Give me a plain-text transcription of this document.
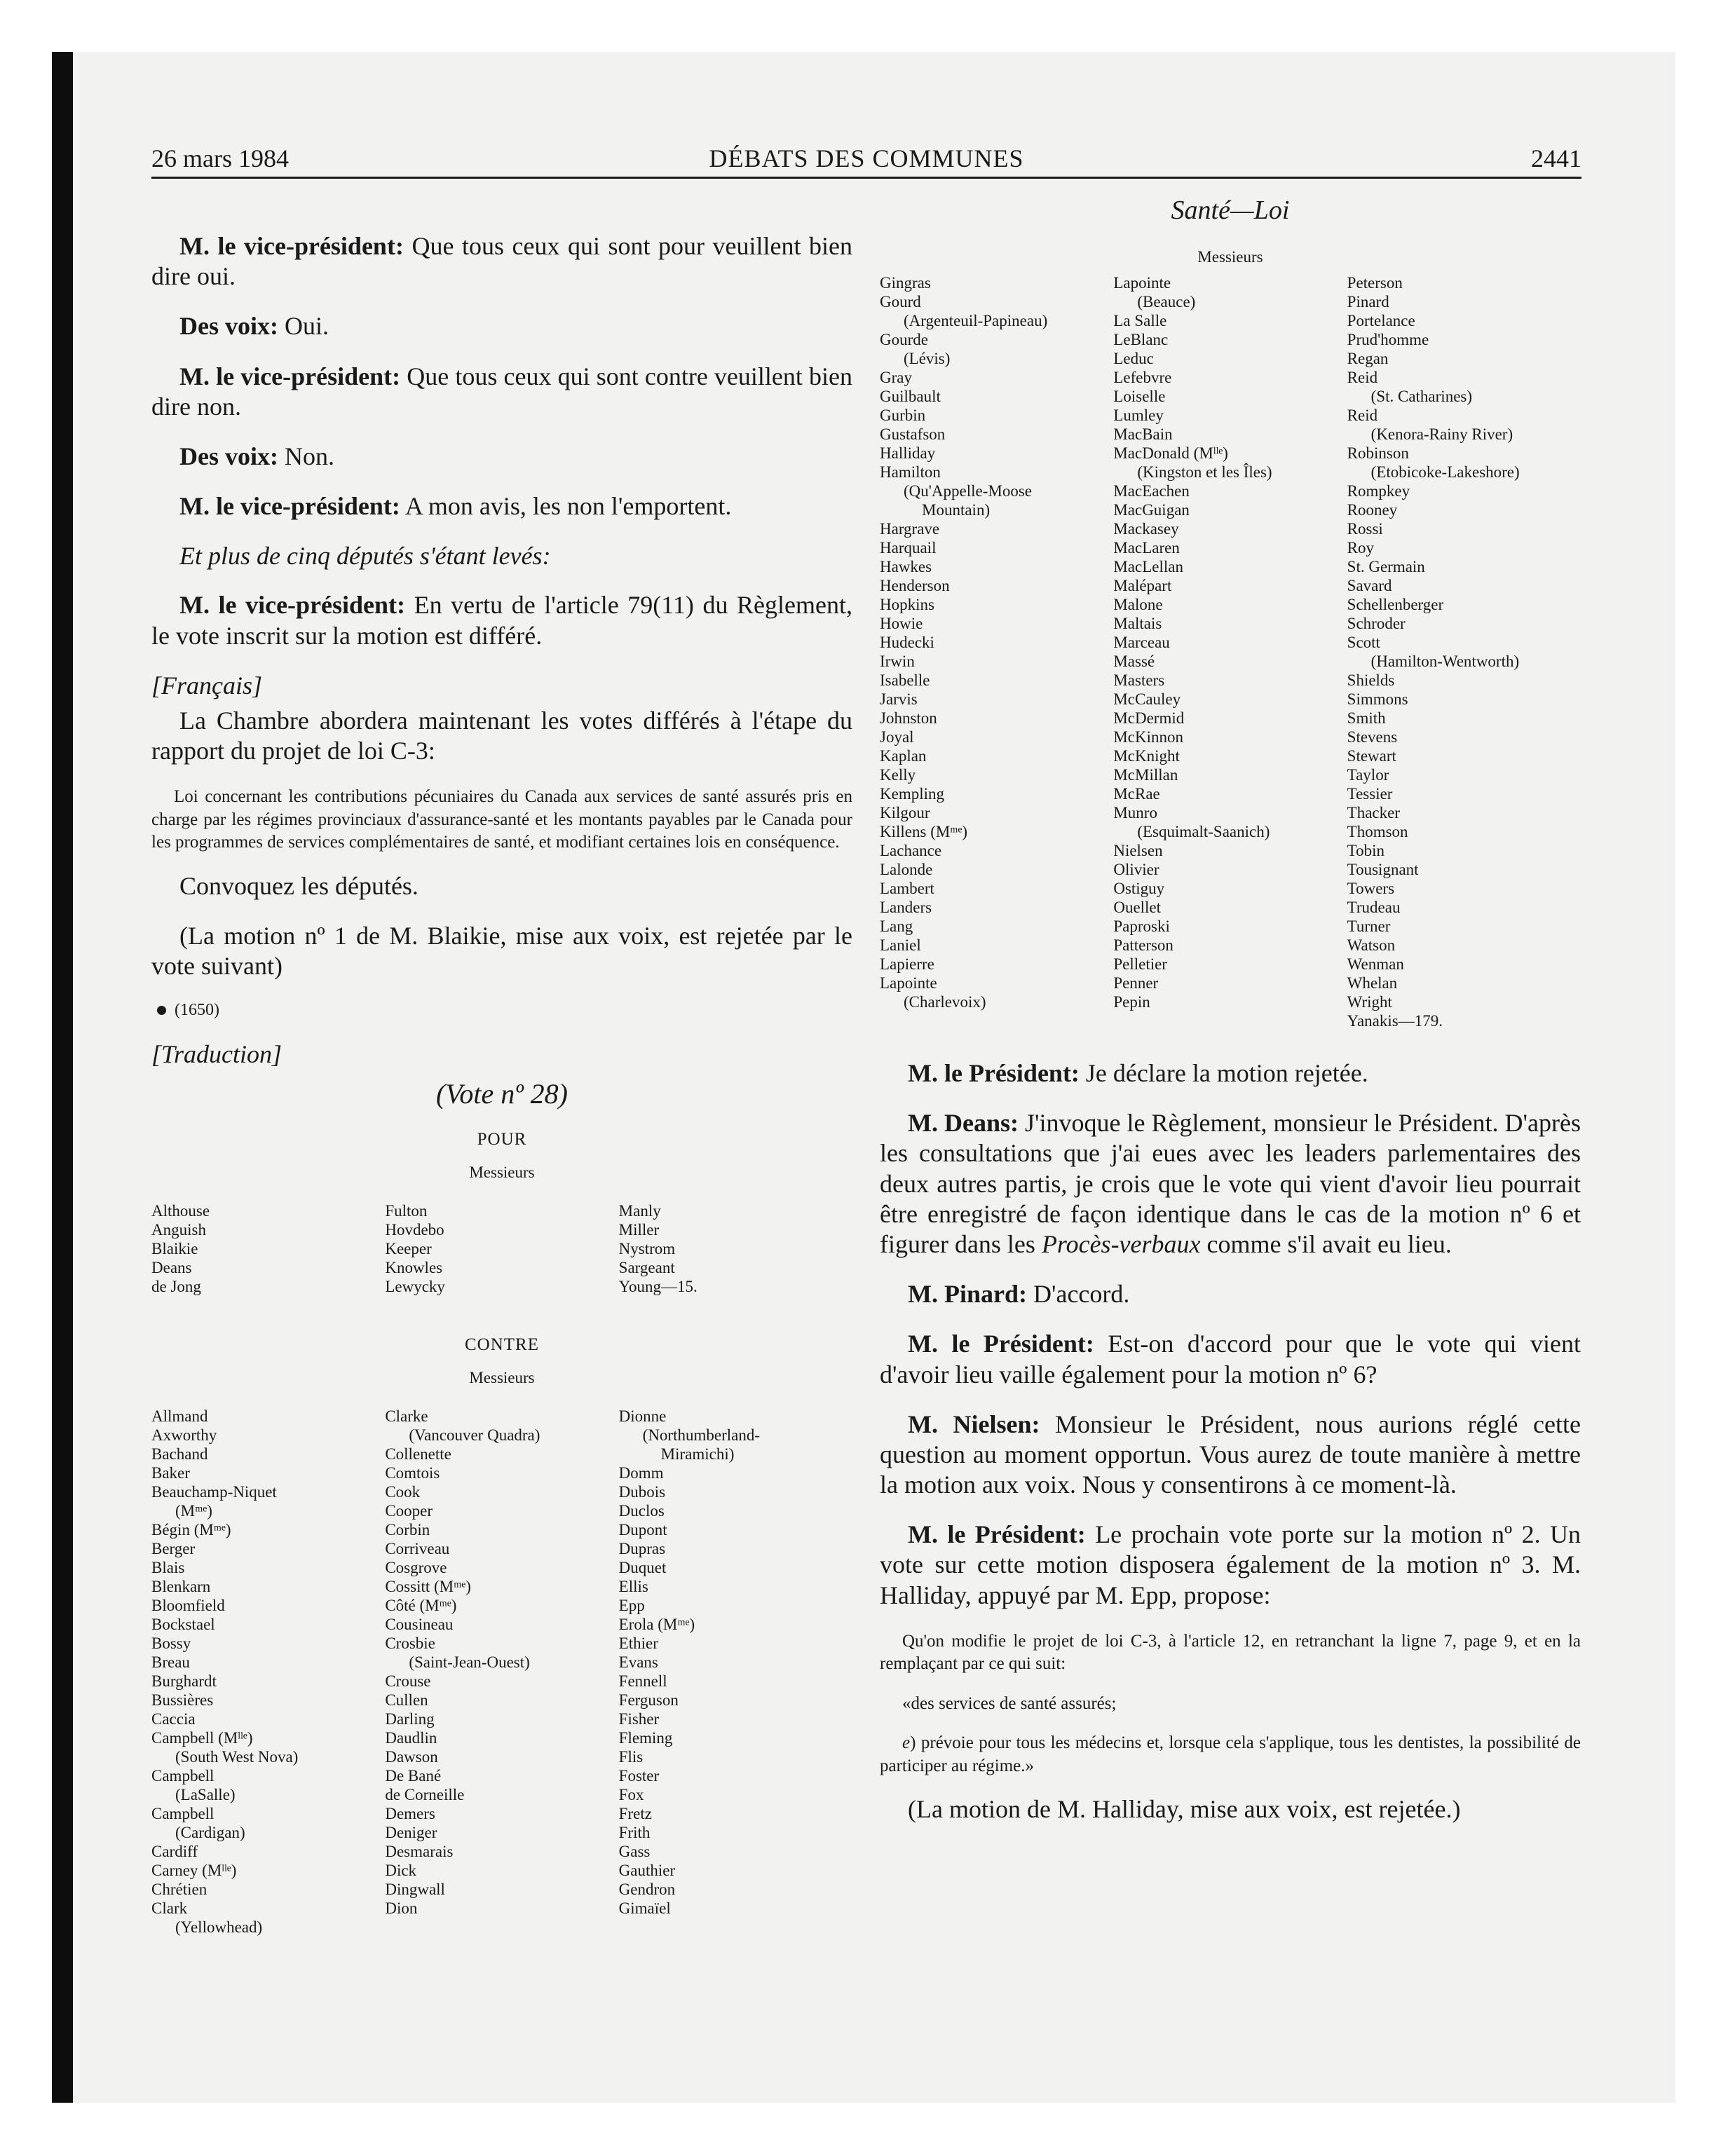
26 mars 1984	DÉBATS DES COMMUNES	2441

M. le vice-président: Que tous ceux qui sont pour veuillent bien dire oui.

Des voix: Oui.

M. le vice-président: Que tous ceux qui sont contre veuillent bien dire non.

Des voix: Non.

M. le vice-président: A mon avis, les non l'emportent.

Et plus de cinq députés s'étant levés:

M. le vice-président: En vertu de l'article 79(11) du Règlement, le vote inscrit sur la motion est différé.

[Français]

La Chambre abordera maintenant les votes différés à l'étape du rapport du projet de loi C-3:

Loi concernant les contributions pécuniaires du Canada aux services de santé assurés pris en charge par les régimes provinciaux d'assurance-santé et les montants payables par le Canada pour les programmes de services complémentaires de santé, et modifiant certaines lois en conséquence.

Convoquez les députés.

(La motion nº 1 de M. Blaikie, mise aux voix, est rejetée par le vote suivant)

(1650)

[Traduction]

(Vote nº 28)
POUR
Messieurs
Althouse
Anguish
Blaikie
Deans
de Jong
Fulton
Hovdebo
Keeper
Knowles
Lewycky
Manly
Miller
Nystrom
Sargeant
Young—15.
CONTRE
Messieurs
Allmand
Axworthy
Bachand
Baker
Beauchamp-Niquet
(Mᵐᵉ)
Bégin (Mᵐᵉ)
Berger
Blais
Blenkarn
Bloomfield
Bockstael
Bossy
Breau
Burghardt
Bussières
Caccia
Campbell (Mˡˡᵉ)
(South West Nova)
Campbell
(LaSalle)
Campbell
(Cardigan)
Cardiff
Carney (Mˡˡᵉ)
Chrétien
Clark
(Yellowhead)
Clarke
(Vancouver Quadra)
Collenette
Comtois
Cook
Cooper
Corbin
Corriveau
Cosgrove
Cossitt (Mᵐᵉ)
Côté (Mᵐᵉ)
Cousineau
Crosbie
(Saint-Jean-Ouest)
Crouse
Cullen
Darling
Daudlin
Dawson
De Bané
de Corneille
Demers
Deniger
Desmarais
Dick
Dingwall
Dion
Dionne
(Northumberland-
Miramichi)
Domm
Dubois
Duclos
Dupont
Dupras
Duquet
Ellis
Epp
Erola (Mᵐᵉ)
Ethier
Evans
Fennell
Ferguson
Fisher
Fleming
Flis
Foster
Fox
Fretz
Frith
Gass
Gauthier
Gendron
Gimaïel
Santé—Loi
Messieurs
Gingras
Gourd
(Argenteuil-Papineau)
Gourde
(Lévis)
Gray
Guilbault
Gurbin
Gustafson
Halliday
Hamilton
(Qu'Appelle-Moose
Mountain)
Hargrave
Harquail
Hawkes
Henderson
Hopkins
Howie
Hudecki
Irwin
Isabelle
Jarvis
Johnston
Joyal
Kaplan
Kelly
Kempling
Kilgour
Killens (Mᵐᵉ)
Lachance
Lalonde
Lambert
Landers
Lang
Laniel
Lapierre
Lapointe
(Charlevoix)
Lapointe
(Beauce)
La Salle
LeBlanc
Leduc
Lefebvre
Loiselle
Lumley
MacBain
MacDonald (Mˡˡᵉ)
(Kingston et les Îles)
MacEachen
MacGuigan
Mackasey
MacLaren
MacLellan
Malépart
Malone
Maltais
Marceau
Massé
Masters
McCauley
McDermid
McKinnon
McKnight
McMillan
McRae
Munro
(Esquimalt-Saanich)
Nielsen
Olivier
Ostiguy
Ouellet
Paproski
Patterson
Pelletier
Penner
Pepin
Peterson
Pinard
Portelance
Prud'homme
Regan
Reid
(St. Catharines)
Reid
(Kenora-Rainy River)
Robinson
(Etobicoke-Lakeshore)
Rompkey
Rooney
Rossi
Roy
St. Germain
Savard
Schellenberger
Schroder
Scott
(Hamilton-Wentworth)
Shields
Simmons
Smith
Stevens
Stewart
Taylor
Tessier
Thacker
Thomson
Tobin
Tousignant
Towers
Trudeau
Turner
Watson
Wenman
Whelan
Wright
Yanakis—179.

M. le Président: Je déclare la motion rejetée.

M. Deans: J'invoque le Règlement, monsieur le Président. D'après les consultations que j'ai eues avec les leaders parlementaires des deux autres partis, je crois que le vote qui vient d'avoir lieu pourrait être enregistré de façon identique dans le cas de la motion nº 6 et figurer dans les Procès-verbaux comme s'il avait eu lieu.

M. Pinard: D'accord.

M. le Président: Est-on d'accord pour que le vote qui vient d'avoir lieu vaille également pour la motion nº 6?

M. Nielsen: Monsieur le Président, nous aurions réglé cette question au moment opportun. Vous aurez de toute manière à mettre la motion aux voix. Nous y consentirons à ce moment-là.

M. le Président: Le prochain vote porte sur la motion nº 2. Un vote sur cette motion disposera également de la motion nº 3. M. Halliday, appuyé par M. Epp, propose:

Qu'on modifie le projet de loi C-3, à l'article 12, en retranchant la ligne 7, page 9, et en la remplaçant par ce qui suit:

«des services de santé assurés;

e) prévoie pour tous les médecins et, lorsque cela s'applique, tous les dentistes, la possibilité de participer au régime.»

(La motion de M. Halliday, mise aux voix, est rejetée.)
